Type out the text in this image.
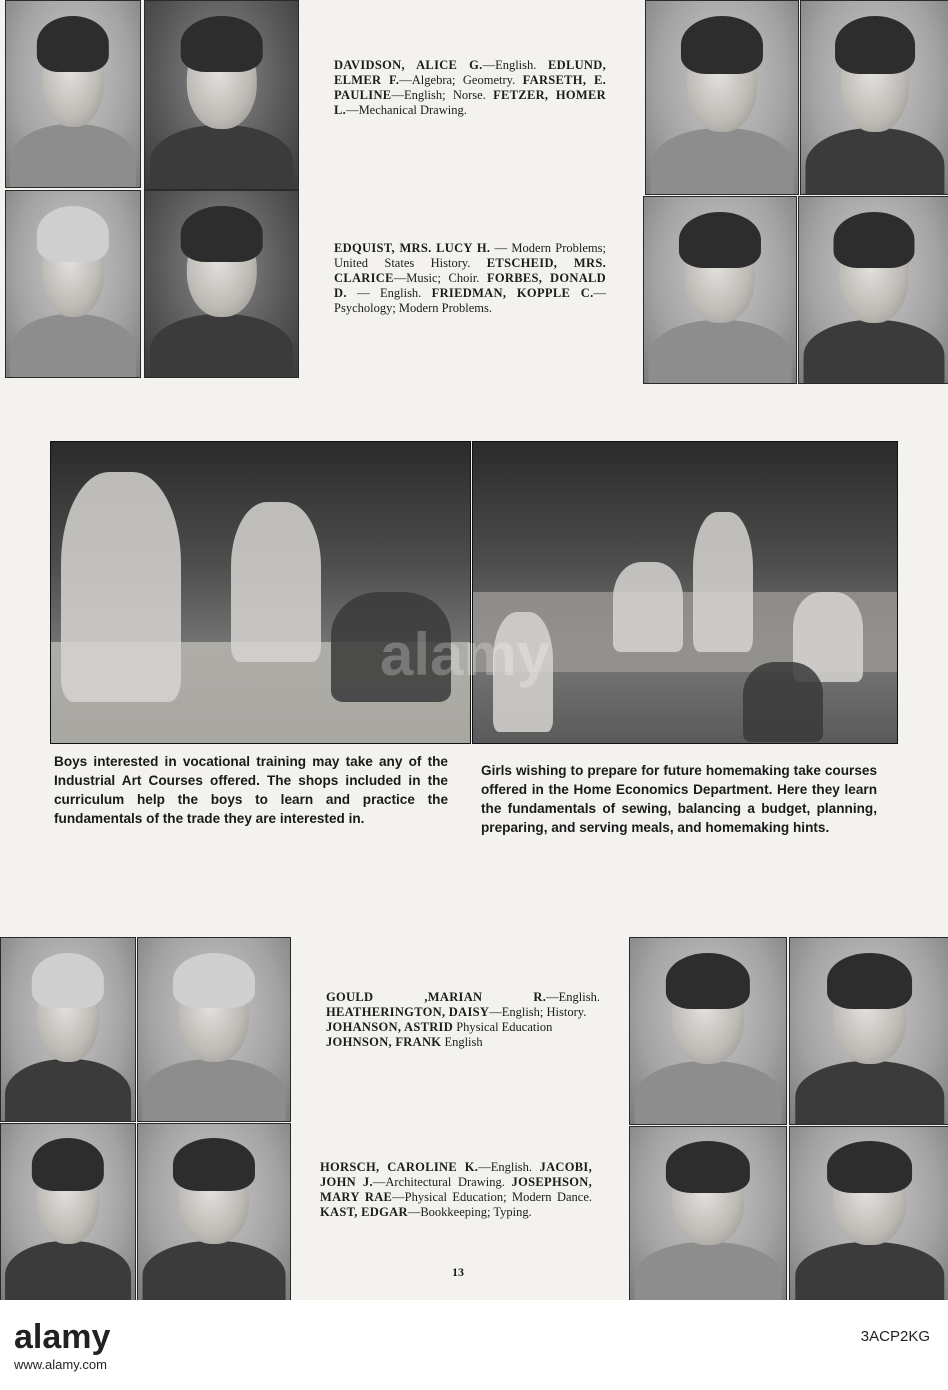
DAVIDSON, ALICE G.—English. EDLUND, ELMER F.—Algebra; Geometry. FARSETH, E. PAULINE—English; Norse. FETZER, HOMER L.—Mechanical Drawing.
EDQUIST, MRS. LUCY H. — Modern Problems; United States History. ETSCHEID, MRS. CLARICE—Music; Choir. FORBES, DONALD D. — English. FRIEDMAN, KOPPLE C.—Psychology; Modern Problems.
alamy
Boys interested in vocational training may take any of the Industrial Art Courses offered. The shops included in the curriculum help the boys to learn and practice the fundamentals of the trade they are interested in.
Girls wishing to prepare for future homemaking take courses offered in the Home Economics Department. Here they learn the fundamentals of sewing, balancing a budget, planning, preparing, and serving meals, and homemaking hints.
GOULD ,MARIAN R.—English. HEATHERINGTON, DAISY—English; History.
JOHANSON, ASTRID Physical Education
JOHNSON, FRANK English
HORSCH, CAROLINE K.—English. JACOBI, JOHN J.—Architectural Drawing. JOSEPHSON, MARY RAE—Physical Education; Modern Dance. KAST, EDGAR—Bookkeeping; Typing.
13
alamy
www.alamy.com
3ACP2KG
